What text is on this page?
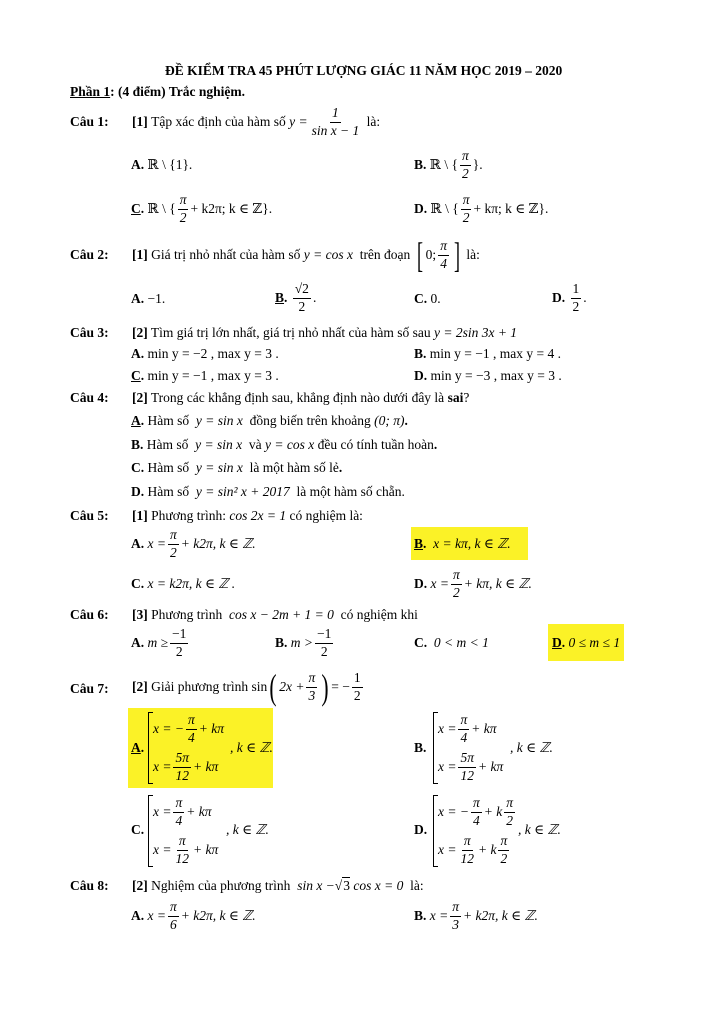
ĐỀ KIỂM TRA 45 PHÚT LƯỢNG GIÁC 11 NĂM HỌC 2019 – 2020
Phần 1: (4 điểm) Trắc nghiệm.
Câu 1: [1]
Tập xác định của hàm số
$y = \frac{1}{\text{sin x − 1}}$
là:
A. ℝ \ {1}.	B.
ℝ \ { $\frac{\pi}{2}$ }.
C .
ℝ \ { $\frac{\pi}{2} + k2\pi$; k ∈ ℤ}.	D.
ℝ \ { $\frac{\pi}{2} + k\pi$; k ∈ ℤ}.
Câu 2: [1]
Giá trị nhỏ nhất của hàm số
y = cos x
trên đoạn
[ 0; $\frac{\pi}{4}$ ]
là:
A. −1.	B .
$\frac{√2}{2}$ .	C. 0.	D.
$\frac{1}{2}$ .
Câu 3: [2] Tìm giá trị lớn nhất, giá trị nhỏ nhất của hàm số sau y = 2sin 3x + 1
A. min y = −2 , max y = 3 .	B. min y = −1 , max y = 4 .
C. min y = −1 , max y = 3 .	D. min y = −3 , max y = 3 .
Câu 4: [2] Trong các khẳng định sau, khẳng định nào dưới đây là sai?
A. Hàm số y = sin x đồng biến trên khoảng (0; π).
B. Hàm số y = sin x và y = cos x đều có tính tuần hoàn.
C. Hàm số y = sin x là một hàm số lẻ.
D. Hàm số y = sin² x + 2017 là một hàm số chẵn.
Câu 5: [1] Phương trình: cos 2x = 1 có nghiệm là:
A.
$x = \frac{\pi}{2} + k2\pi$, k ∈ ℤ.	B. x = kπ, k ∈ ℤ.
C. x = k2π, k ∈ ℤ .	D.
$x = \frac{\pi}{2} + k\pi$, k ∈ ℤ.
Câu 6: [3] Phương trình cos x − 2m + 1 = 0 có nghiệm khi
A.
$m \ge \frac{-1}{2}$	B.
$m > \frac{-1}{2}$	C. 0 < m < 1	D. 0 ≤ m ≤ 1
Câu 7: [2]
Giải phương trình
sin ( $2x + \frac{\pi}{3}$ ) = − $\frac{1}{2}$
A.
x = − $\frac{\pi}{4} + k\pi$
$x = \frac{5\pi}{12} + k\pi$
, k ∈ ℤ.	B.
$x = \frac{\pi}{4} + k\pi$
$x = \frac{5\pi}{12} + k\pi$
, k ∈ ℤ.
C.
$x = \frac{\pi}{4} + k\pi$
$x = \frac{\pi}{12} + k\pi$
, k ∈ ℤ.	D.
x = − $\frac{\pi}{4} + k \frac{\pi}{2}$
$x = \frac{\pi}{12} + k \frac{\pi}{2}$
, k ∈ ℤ.
Câu 8: [2] Nghiệm của phương trình sin x −√3 cos x = 0 là:
A.
$x = \frac{\pi}{6} + k2\pi$, k ∈ ℤ.	B.
$x = \frac{\pi}{3} + k2\pi$, k ∈ ℤ.
